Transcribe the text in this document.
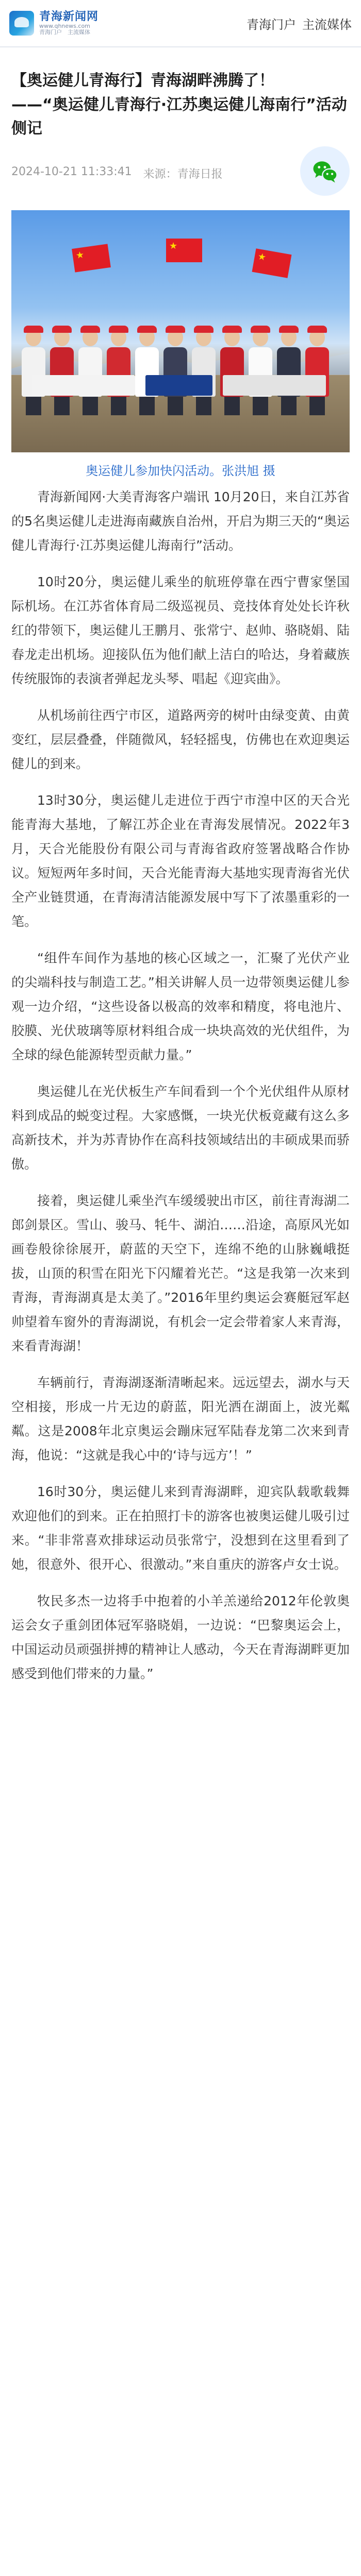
青海新闻网
www.qhnews.com
青海门户　主流媒体
青海门户 主流媒体
【奥运健儿青海行】青海湖畔沸腾了！
——“奥运健儿青海行·江苏奥运健儿海南行”活动侧记
2024-10-21 11:33:41 来源：青海日报
★
★
★
奥运健儿参加快闪活动。张洪旭 摄

青海新闻网·大美青海客户端讯 10月20日，来自江苏省的5名奥运健儿走进海南藏族自治州，开启为期三天的“奥运健儿青海行·江苏奥运健儿海南行”活动。

10时20分，奥运健儿乘坐的航班停靠在西宁曹家堡国际机场。在江苏省体育局二级巡视员、竞技体育处处长许秋红的带领下，奥运健儿王鹏月、张常宁、赵帅、骆晓娟、陆春龙走出机场。迎接队伍为他们献上洁白的哈达，身着藏族传统服饰的表演者弹起龙头琴、唱起《迎宾曲》。

从机场前往西宁市区，道路两旁的树叶由绿变黄、由黄变红，层层叠叠，伴随微风，轻轻摇曳，仿佛也在欢迎奥运健儿的到来。

13时30分，奥运健儿走进位于西宁市湟中区的天合光能青海大基地，了解江苏企业在青海发展情况。2022年3月，天合光能股份有限公司与青海省政府签署战略合作协议。短短两年多时间，天合光能青海大基地实现青海省光伏全产业链贯通，在青海清洁能源发展中写下了浓墨重彩的一笔。

“组件车间作为基地的核心区域之一，汇聚了光伏产业的尖端科技与制造工艺。”相关讲解人员一边带领奥运健儿参观一边介绍，“这些设备以极高的效率和精度，将电池片、胶膜、光伏玻璃等原材料组合成一块块高效的光伏组件，为全球的绿色能源转型贡献力量。”

奥运健儿在光伏板生产车间看到一个个光伏组件从原材料到成品的蜕变过程。大家感慨，一块光伏板竟藏有这么多高新技术，并为苏青协作在高科技领域结出的丰硕成果而骄傲。

接着，奥运健儿乘坐汽车缓缓驶出市区，前往青海湖二郎剑景区。雪山、骏马、牦牛、湖泊……沿途，高原风光如画卷般徐徐展开，蔚蓝的天空下，连绵不绝的山脉巍峨挺拔，山顶的积雪在阳光下闪耀着光芒。“这是我第一次来到青海，青海湖真是太美了。”2016年里约奥运会赛艇冠军赵帅望着车窗外的青海湖说，有机会一定会带着家人来青海，来看青海湖！

车辆前行，青海湖逐渐清晰起来。远远望去，湖水与天空相接，形成一片无边的蔚蓝，阳光洒在湖面上，波光粼粼。这是2008年北京奥运会蹦床冠军陆春龙第二次来到青海，他说：“这就是我心中的‘诗与远方’！”

16时30分，奥运健儿来到青海湖畔，迎宾队载歌载舞欢迎他们的到来。正在拍照打卡的游客也被奥运健儿吸引过来。“非非常喜欢排球运动员张常宁，没想到在这里看到了她，很意外、很开心、很激动。”来自重庆的游客卢女士说。

牧民多杰一边将手中抱着的小羊羔递给2012年伦敦奥运会女子重剑团体冠军骆晓娟，一边说：“巴黎奥运会上，中国运动员顽强拼搏的精神让人感动，今天在青海湖畔更加感受到他们带来的力量。”
